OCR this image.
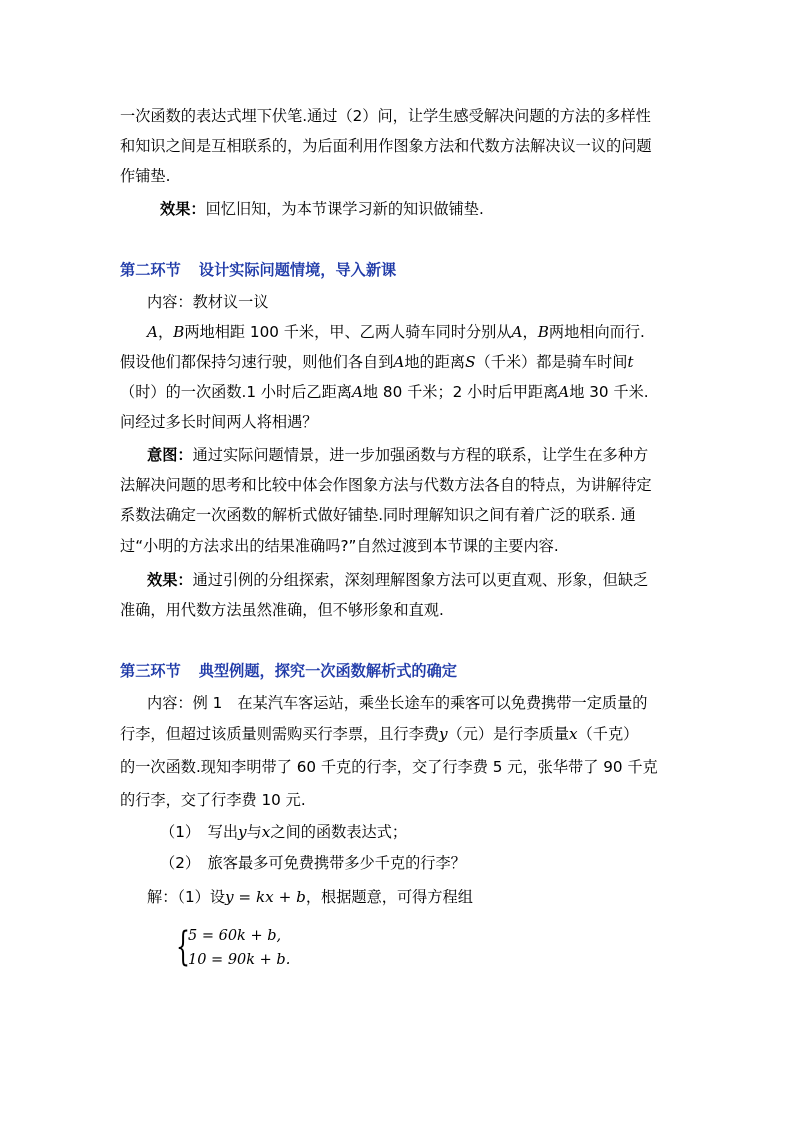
一次函数的表达式埋下伏笔.通过（2）问，让学生感受解决问题的方法的多样性
和知识之间是互相联系的，为后面利用作图象方法和代数方法解决议一议的问题
作铺垫.
效果：回忆旧知，为本节课学习新的知识做铺垫.
第二环节 设计实际问题情境，导入新课
内容：教材议一议
A，B两地相距 100 千米，甲、乙两人骑车同时分别从A，B两地相向而行.
假设他们都保持匀速行驶，则他们各自到A地的距离S（千米）都是骑车时间t
（时）的一次函数.1 小时后乙距离A地 80 千米；2 小时后甲距离A地 30 千米.
问经过多长时间两人将相遇？
意图：通过实际问题情景，进一步加强函数与方程的联系，让学生在多种方
法解决问题的思考和比较中体会作图象方法与代数方法各自的特点，为讲解待定
系数法确定一次函数的解析式做好铺垫.同时理解知识之间有着广泛的联系. 通
过“小明的方法求出的结果准确吗?”自然过渡到本节课的主要内容.
效果：通过引例的分组探索，深刻理解图象方法可以更直观、形象，但缺乏
准确，用代数方法虽然准确，但不够形象和直观.
第三环节 典型例题，探究一次函数解析式的确定
内容：例 1　在某汽车客运站，乘坐长途车的乘客可以免费携带一定质量的
行李，但超过该质量则需购买行李票，且行李费y（元）是行李质量x（千克）
的一次函数.现知李明带了 60 千克的行李，交了行李费 5 元，张华带了 90 千克
的行李，交了行李费 10 元.
（1）　写出y与x之间的函数表达式；
（2）　旅客最多可免费携带多少千克的行李？
解：（1）设y = kx + b，根据题意，可得方程组
{
5 = 60k + b,
10 = 90k + b.
